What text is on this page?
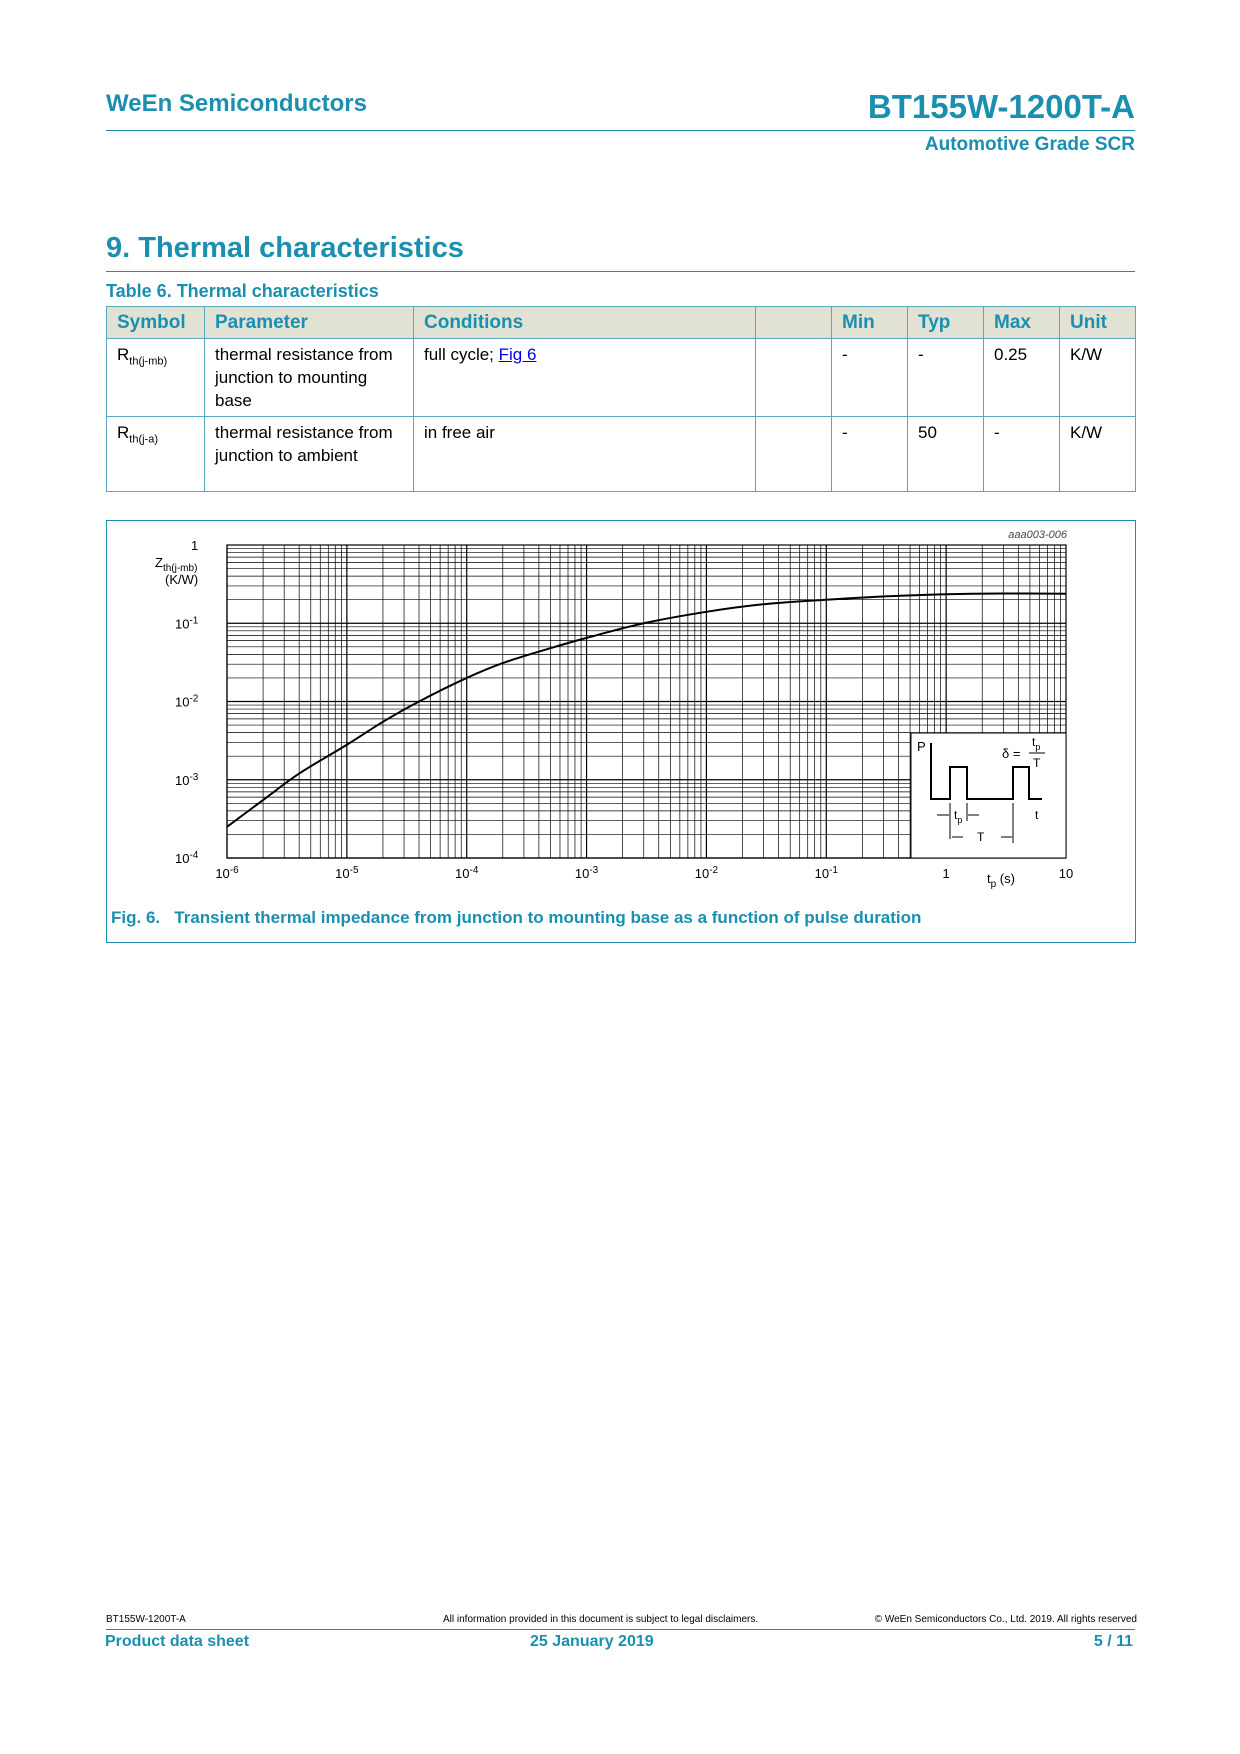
WeEn Semiconductors	BT155W-1200T-A
Automotive Grade SCR
9. Thermal characteristics
Table 6. Thermal characteristics
Symbol	Parameter	Conditions		Min	Typ	Max	Unit
$R_{th(j-mb)}$	thermal resistance from junction to mounting base	full cycle; Fig 6		-	-	0.25	K/W
$R_{th(j-a)}$	thermal resistance from junction to ambient	in free air		-	50	-	K/W
$10^{-6}$	$10^{-5}$	$10^{-4}$	$10^{-3}$	$10^{-2}$	$10^{-1}$	1	10
$10^{-4}$
$10^{-3}$
$10^{-2}$
$10^{-1}$
1
P	δ =
$t_p$
T
t
$t_p$
T
aaa003-006
$Z_{th(j-mb)}$
(K/W)
$t_p$ (s)
Fig. 6.   Transient thermal impedance from junction to mounting base as a function of pulse duration
BT155W-1200T-A	All information provided in this document is subject to legal disclaimers.	© WeEn Semiconductors Co., Ltd. 2019. All rights reserved
Product data sheet	25 January 2019	5 / 11
